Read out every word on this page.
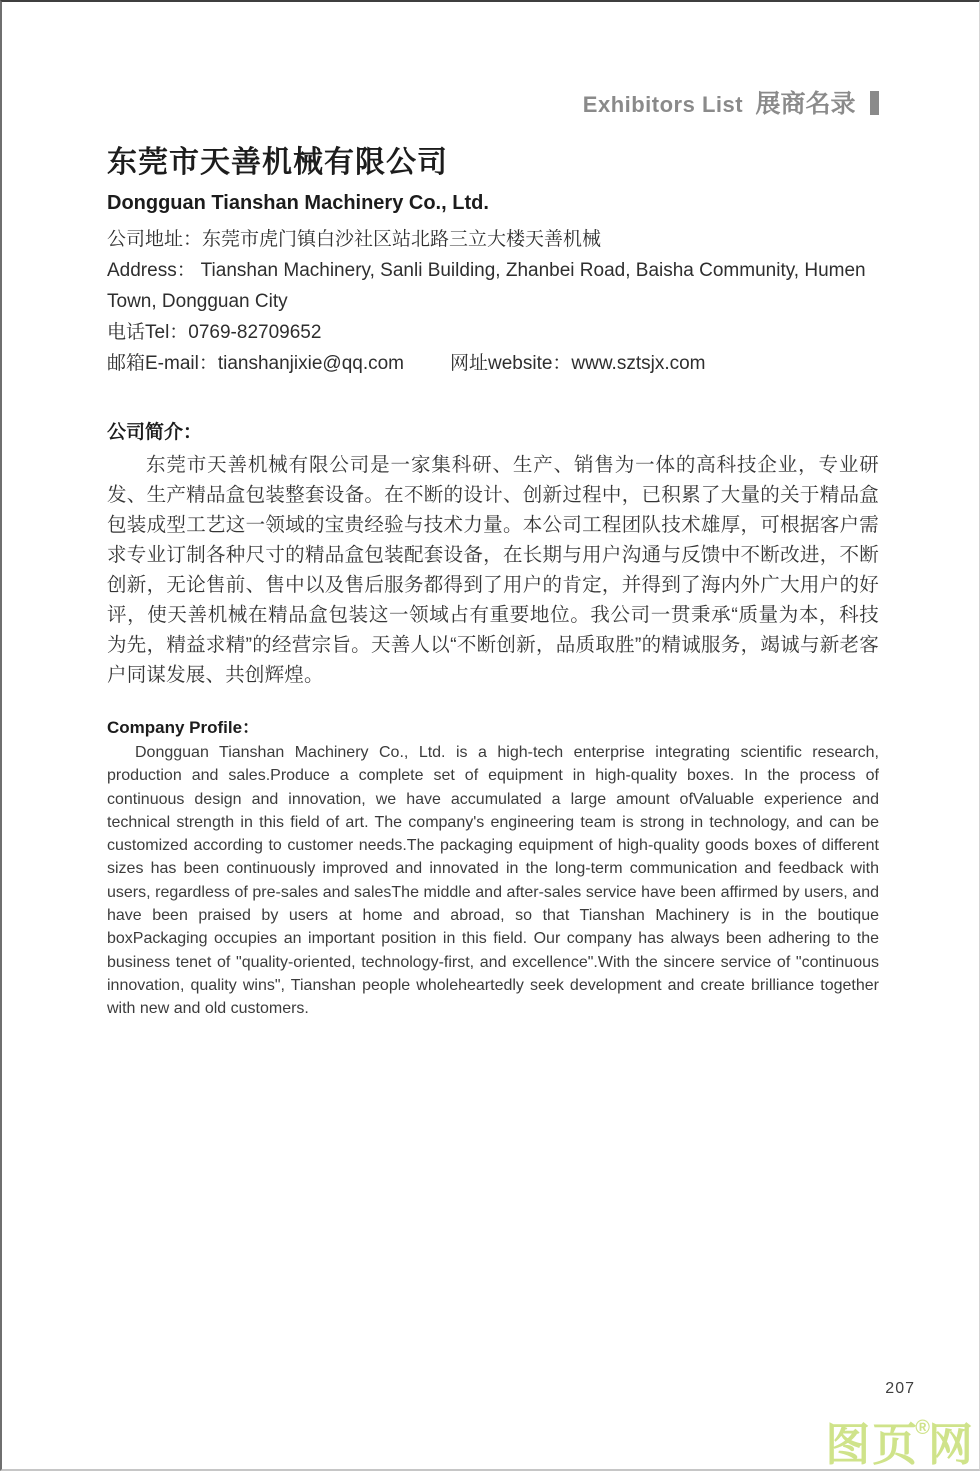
Exhibitors List 展商名录
东莞市天善机械有限公司
Dongguan Tianshan Machinery Co., Ltd.
公司地址：东莞市虎门镇白沙社区站北路三立大楼天善机械
Address： Tianshan Machinery, Sanli Building, Zhanbei Road, Baisha Community, Humen Town, Dongguan City
电话Tel：0769-82709652
邮箱E-mail：tianshanjixie@qq.com 网址website：www.sztsjx.com
公司简介：

东莞市天善机械有限公司是一家集科研、生产、销售为一体的高科技企业，专业研发、生产精品盒包装整套设备。在不断的设计、创新过程中，已积累了大量的关于精品盒包装成型工艺这一领域的宝贵经验与技术力量。本公司工程团队技术雄厚，可根据客户需求专业订制各种尺寸的精品盒包装配套设备，在长期与用户沟通与反馈中不断改进，不断创新，无论售前、售中以及售后服务都得到了用户的肯定，并得到了海内外广大用户的好评，使天善机械在精品盒包装这一领域占有重要地位。我公司一贯秉承“质量为本，科技为先，精益求精”的经营宗旨。天善人以“不断创新，品质取胜”的精诚服务，竭诚与新老客户同谋发展、共创辉煌。

Company Profile：

Dongguan Tianshan Machinery Co., Ltd. is a high-tech enterprise integrating scientific research, production and sales.Produce a complete set of equipment in high-quality boxes. In the process of continuous design and innovation, we have accumulated a large amount ofValuable experience and technical strength in this field of art. The company's engineering team is strong in technology, and can be customized according to customer needs.The packaging equipment of high-quality goods boxes of different sizes has been continuously improved and innovated in the long-term communication and feedback with users, regardless of pre-sales and salesThe middle and after-sales service have been affirmed by users, and have been praised by users at home and abroad, so that Tianshan Machinery is in the boutique boxPackaging occupies an important position in this field. Our company has always been adhering to the business tenet of "quality-oriented, technology-first, and excellence".With the sincere service of "continuous innovation, quality wins", Tianshan people wholeheartedly seek development and create brilliance together with new and old customers.

207
图页®网
